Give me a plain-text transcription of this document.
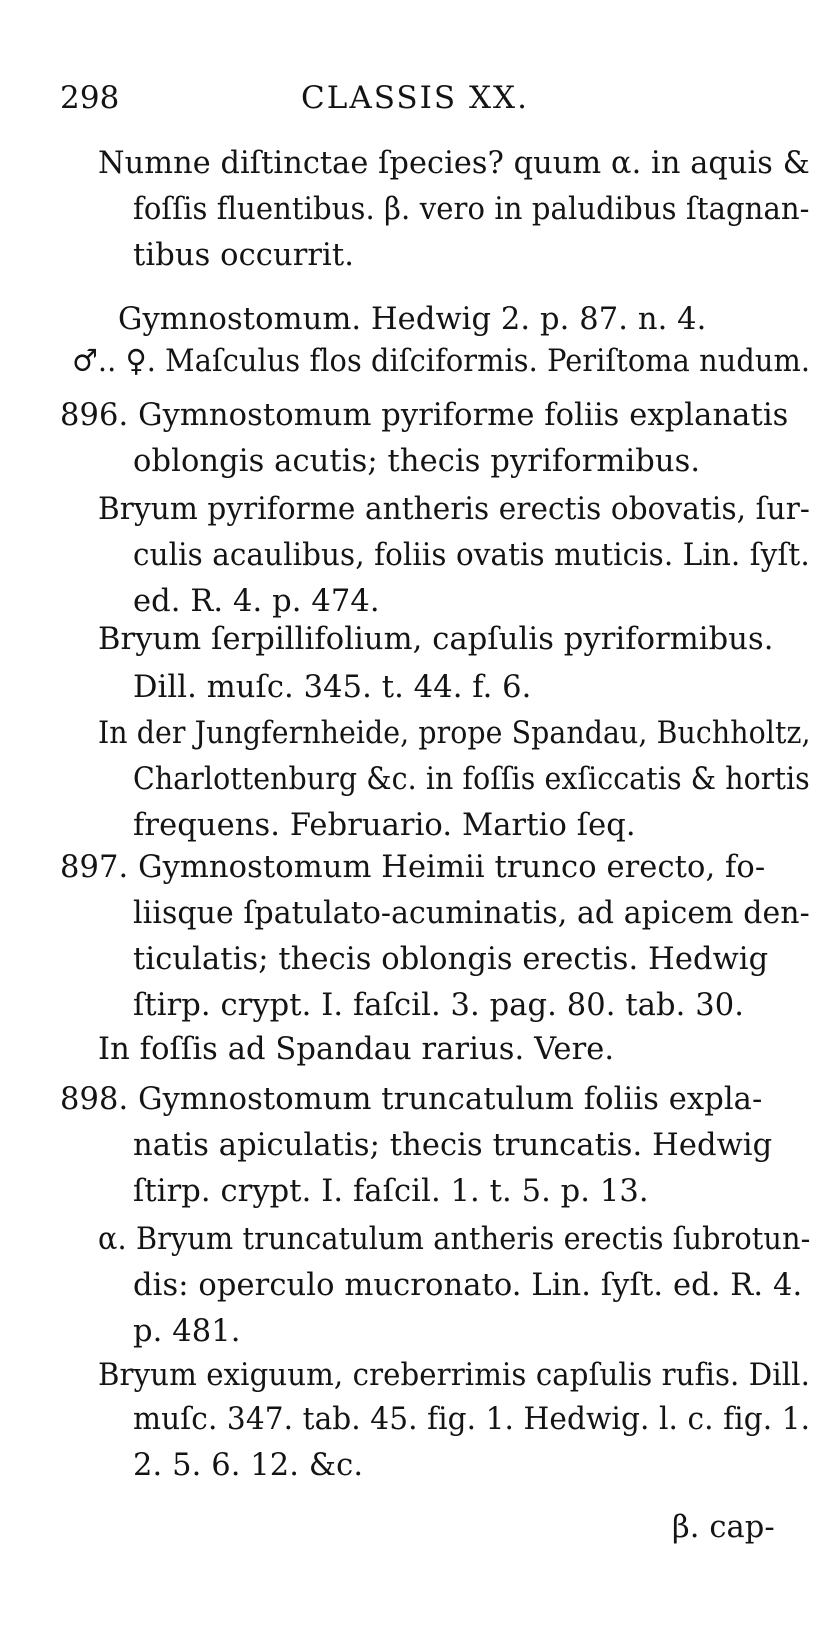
298	CLASSIS XX.
Numne diſtinctae ſpecies? quum α. in aquis &
foſſis fluentibus. β. vero in paludibus ſtagnan-
tibus occurrit.
Gymnostomum. Hedwig 2. p. 87. n. 4.
♂.. ♀. Maſculus flos diſciformis. Periſtoma nudum.
896. Gymnostomum pyriforme foliis explanatis
oblongis acutis; thecis pyriformibus.
Bryum pyriforme antheris erectis obovatis, ſur-
culis acaulibus, foliis ovatis muticis. Lin. ſyſt.
ed. R. 4. p. 474.
Bryum ſerpillifolium, capſulis pyriformibus.
Dill. muſc. 345. t. 44. f. 6.
In der Jungfernheide, prope Spandau, Buchholtz,
Charlottenburg &c. in foſſis exſiccatis & hortis
frequens. Februario. Martio ſeq.
897. Gymnostomum Heimii trunco erecto, fo-
liisque ſpatulato-acuminatis, ad apicem den-
ticulatis; thecis oblongis erectis. Hedwig
ſtirp. crypt. I. faſcil. 3. pag. 80. tab. 30.
In foſſis ad Spandau rarius. Vere.
898. Gymnostomum truncatulum foliis expla-
natis apiculatis; thecis truncatis. Hedwig
ſtirp. crypt. I. faſcil. 1. t. 5. p. 13.
α. Bryum truncatulum antheris erectis ſubrotun-
dis: operculo mucronato. Lin. ſyſt. ed. R. 4.
p. 481.
Bryum exiguum, creberrimis capſulis rufis. Dill.
muſc. 347. tab. 45. fig. 1. Hedwig. l. c. fig. 1.
2. 5. 6. 12. &c.
β. cap-
